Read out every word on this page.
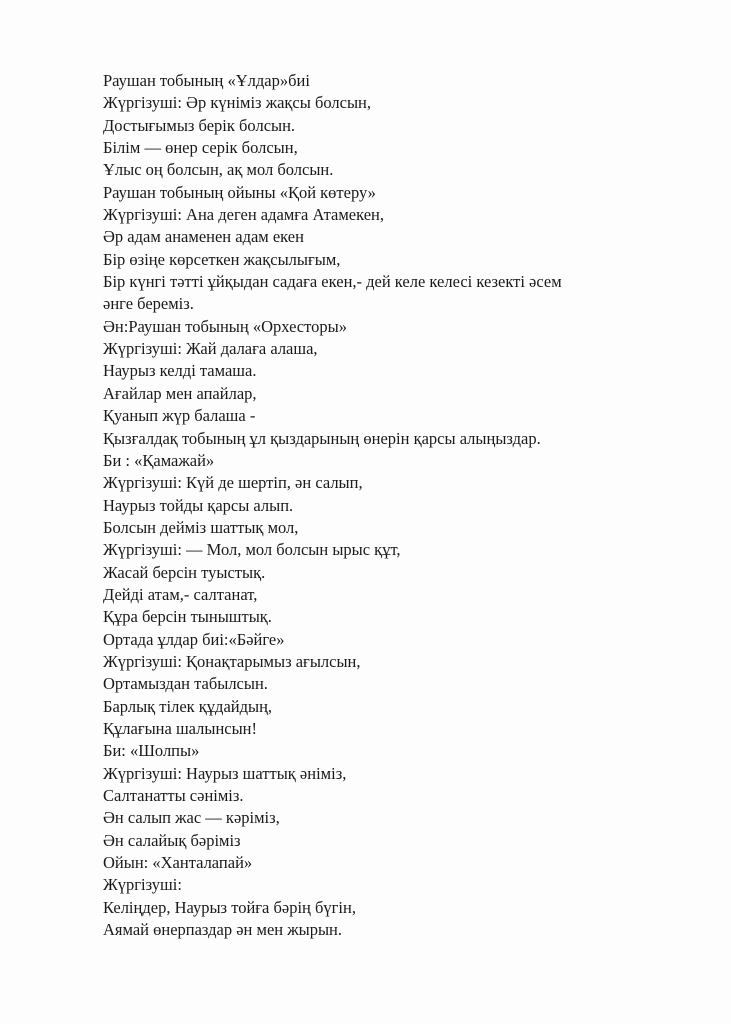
Раушан тобының «Ұлдар»биі
Жүргізуші: Әр күніміз жақсы болсын,
Достығымыз берік болсын.
Білім — өнер серік болсын,
Ұлыс оң болсын, ақ мол болсын.
Раушан тобының ойыны «Қой көтеру»
Жүргізуші: Ана деген адамға Атамекен,
Әр адам анаменен адам екен
Бір өзіңе көрсеткен жақсылығым,
Бір күнгі тәтті ұйқыдан садаға екен,- дей келе келесі кезекті әсем
әнге береміз.
Ән:Раушан тобының «Орхесторы»
Жүргізуші: Жай далаға алаша,
Наурыз келді тамаша.
Ағайлар мен апайлар,
Қуанып жүр балаша -
Қызғалдақ тобының ұл қыздарының өнерін қарсы алыңыздар.
Би : «Қамажай»
Жүргізуші: Күй де шертіп, ән салып,
Наурыз тойды қарсы алып.
Болсын дейміз шаттық мол,
Жүргізуші: — Мол, мол болсын ырыс құт,
Жасай берсін туыстық.
Дейді атам,- салтанат,
Құра берсін тыныштық.
Ортада ұлдар биі:«Бәйге»
Жүргізуші: Қонақтарымыз ағылсын,
Ортамыздан табылсын.
Барлық тілек құдайдың,
Құлағына шалынсын!
Би: «Шолпы»
Жүргізуші: Наурыз шаттық әніміз,
Салтанатты сәніміз.
Ән салып жас — кәріміз,
Ән салайық бәріміз
Ойын: «Ханталапай»
Жүргізуші:
Келіңдер, Наурыз тойға бәрің бүгін,
Аямай өнерпаздар ән мен жырын.
